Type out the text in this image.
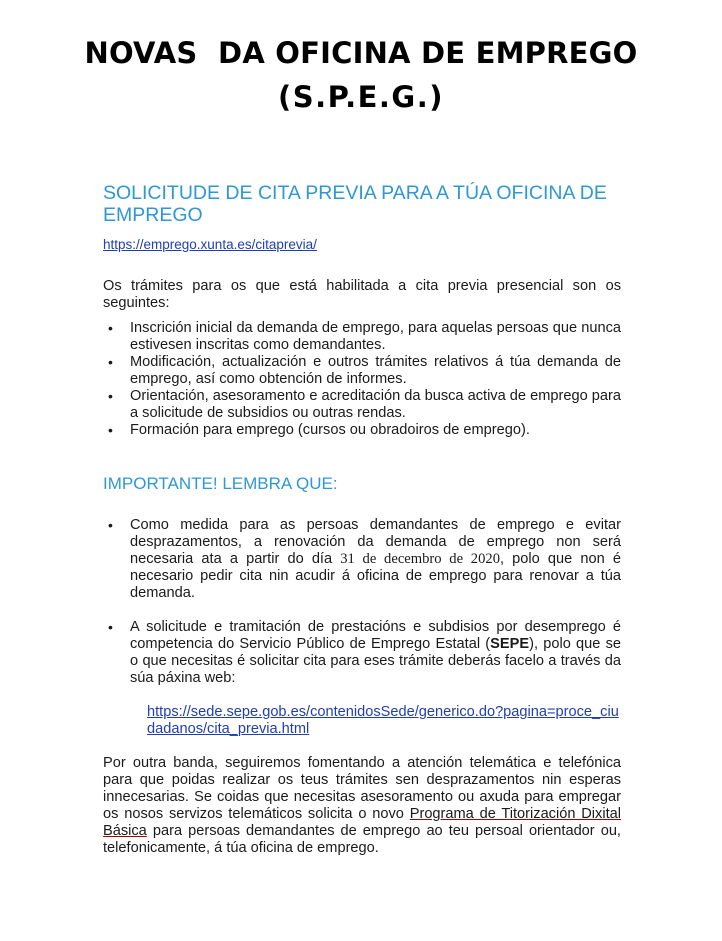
NOVAS  DA OFICINA DE EMPREGO
(S.P.E.G.)
SOLICITUDE DE CITA PREVIA PARA A TÚA OFICINA DE EMPREGO
https://emprego.xunta.es/citaprevia/

Os trámites para os que está habilitada a cita previa presencial son os seguintes:

• Inscrición inicial da demanda de emprego, para aquelas persoas que nunca estivesen inscritas como demandantes.
• Modificación, actualización e outros trámites relativos á túa demanda de emprego, así como obtención de informes.
• Orientación, asesoramento e acreditación da busca activa de emprego para a solicitude de subsidios ou outras rendas.
• Formación para emprego (cursos ou obradoiros de emprego).
IMPORTANTE! LEMBRA QUE:
• Como medida para as persoas demandantes de emprego e evitar desprazamentos, a renovación da demanda de emprego non será necesaria ata a partir do día 31 de decembro de 2020, polo que non é necesario pedir cita nin acudir á oficina de emprego para renovar a túa demanda.
• A solicitude e tramitación de prestacións e subdisios por desemprego é competencia do Servicio Público de Emprego Estatal (SEPE), polo que se o que necesitas é solicitar cita para eses trámite deberás facelo a través da súa páxina web:
https://sede.sepe.gob.es/contenidosSede/generico.do?pagina=proce_ciudadanos/cita_previa.html

Por outra banda, seguiremos fomentando a atención telemática e telefónica para que poidas realizar os teus trámites sen desprazamentos nin esperas innecesarias. Se coidas que necesitas asesoramento ou axuda para empregar os nosos servizos telemáticos solicita o novo Programa de Titorización Dixital Básica para persoas demandantes de emprego ao teu persoal orientador ou, telefonicamente, á túa oficina de emprego.
